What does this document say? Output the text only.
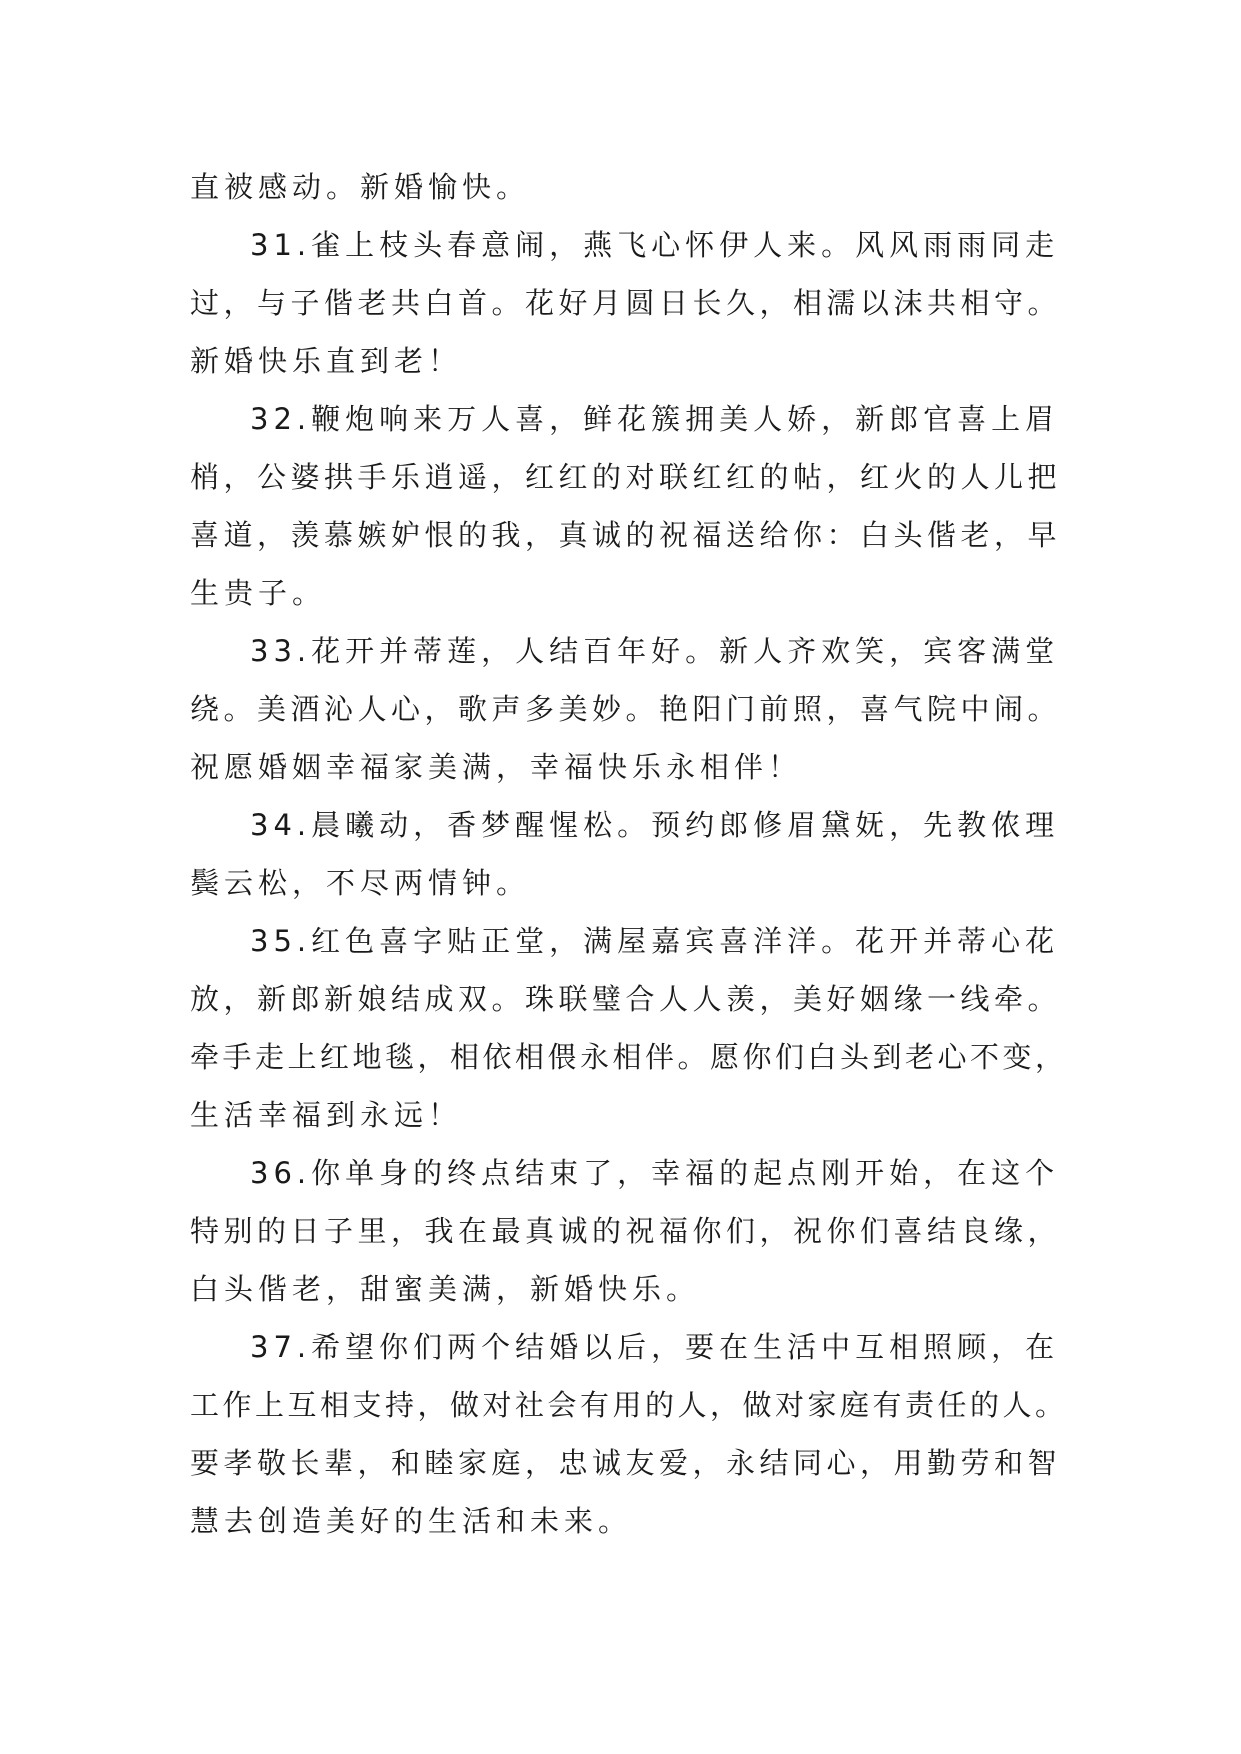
直被感动。新婚愉快。
31.雀上枝头春意闹，燕飞心怀伊人来。风风雨雨同走
过，与子偕老共白首。花好月圆日长久，相濡以沫共相守。
新婚快乐直到老！
32.鞭炮响来万人喜，鲜花簇拥美人娇，新郎官喜上眉
梢，公婆拱手乐逍遥，红红的对联红红的帖，红火的人儿把
喜道，羡慕嫉妒恨的我，真诚的祝福送给你：白头偕老，早
生贵子。
33.花开并蒂莲，人结百年好。新人齐欢笑，宾客满堂
绕。美酒沁人心，歌声多美妙。艳阳门前照，喜气院中闹。
祝愿婚姻幸福家美满，幸福快乐永相伴！
34.晨曦动，香梦醒惺松。预约郎修眉黛妩，先教侬理
鬓云松，不尽两情钟。
35.红色喜字贴正堂，满屋嘉宾喜洋洋。花开并蒂心花
放，新郎新娘结成双。珠联璧合人人羡，美好姻缘一线牵。
牵手走上红地毯，相依相偎永相伴。愿你们白头到老心不变，
生活幸福到永远！
36.你单身的终点结束了，幸福的起点刚开始，在这个
特别的日子里，我在最真诚的祝福你们，祝你们喜结良缘，
白头偕老，甜蜜美满，新婚快乐。
37.希望你们两个结婚以后，要在生活中互相照顾，在
工作上互相支持，做对社会有用的人，做对家庭有责任的人。
要孝敬长辈，和睦家庭，忠诚友爱，永结同心，用勤劳和智
慧去创造美好的生活和未来。
